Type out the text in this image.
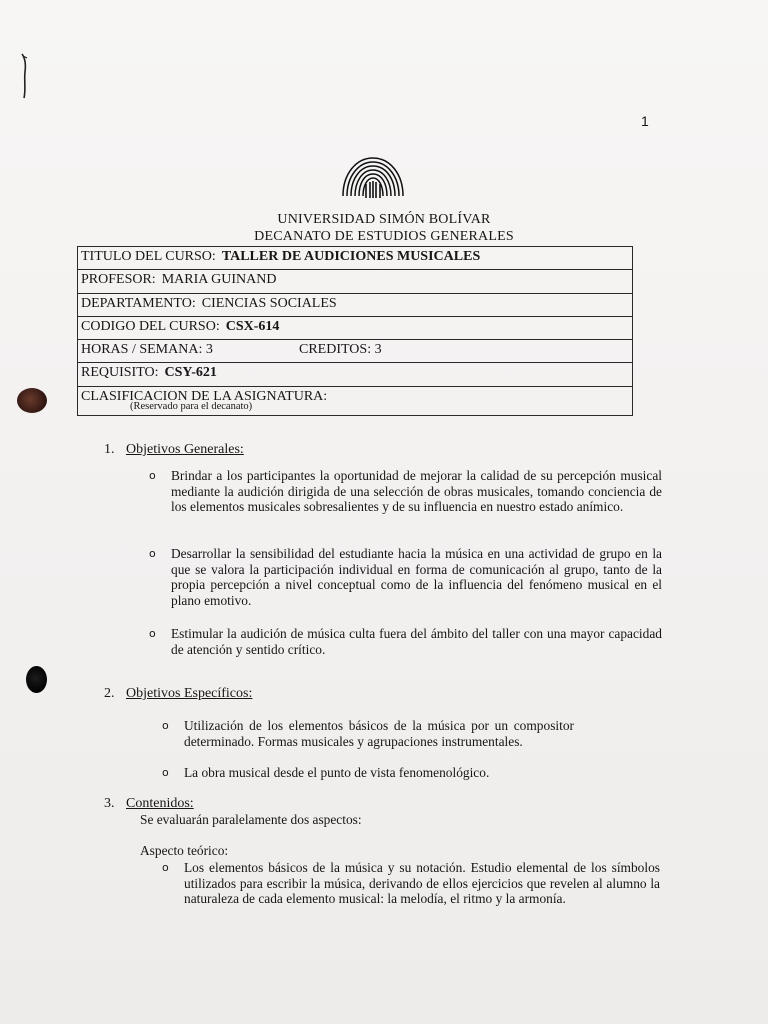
1
UNIVERSIDAD SIMÓN BOLÍVAR
DECANATO DE ESTUDIOS GENERALES
TITULO DEL CURSO: TALLER DE AUDICIONES MUSICALES
PROFESOR: MARIA GUINAND
DEPARTAMENTO: CIENCIAS SOCIALES
CODIGO DEL CURSO: CSX-614
HORAS / SEMANA: 3	CREDITOS: 3
REQUISITO: CSY-621
CLASIFICACION DE LA ASIGNATURA:
(Reservado para el decanato)
1. Objetivos Generales:
o Brindar a los participantes la oportunidad de mejorar la calidad de su percepción musical mediante la audición dirigida de una selección de obras musicales, tomando conciencia de los elementos musicales sobresalientes y de su influencia en nuestro estado anímico.
o Desarrollar la sensibilidad del estudiante hacia la música en una actividad de grupo en la que se valora la participación individual en forma de comunicación al grupo, tanto de la propia percepción a nivel conceptual como de la influencia del fenómeno musical en el plano emotivo.
o Estimular la audición de música culta fuera del ámbito del taller con una mayor capacidad de atención y sentido crítico.
2. Objetivos Específicos:
o Utilización de los elementos básicos de la música por un compositor determinado. Formas musicales y agrupaciones instrumentales.
o La obra musical desde el punto de vista fenomenológico.
3. Contenidos:
Se evaluarán paralelamente dos aspectos:
Aspecto teórico:
o Los elementos básicos de la música y su notación. Estudio elemental de los símbolos utilizados para escribir la música, derivando de ellos ejercicios que revelen al alumno la naturaleza de cada elemento musical: la melodía, el ritmo y la armonía.
